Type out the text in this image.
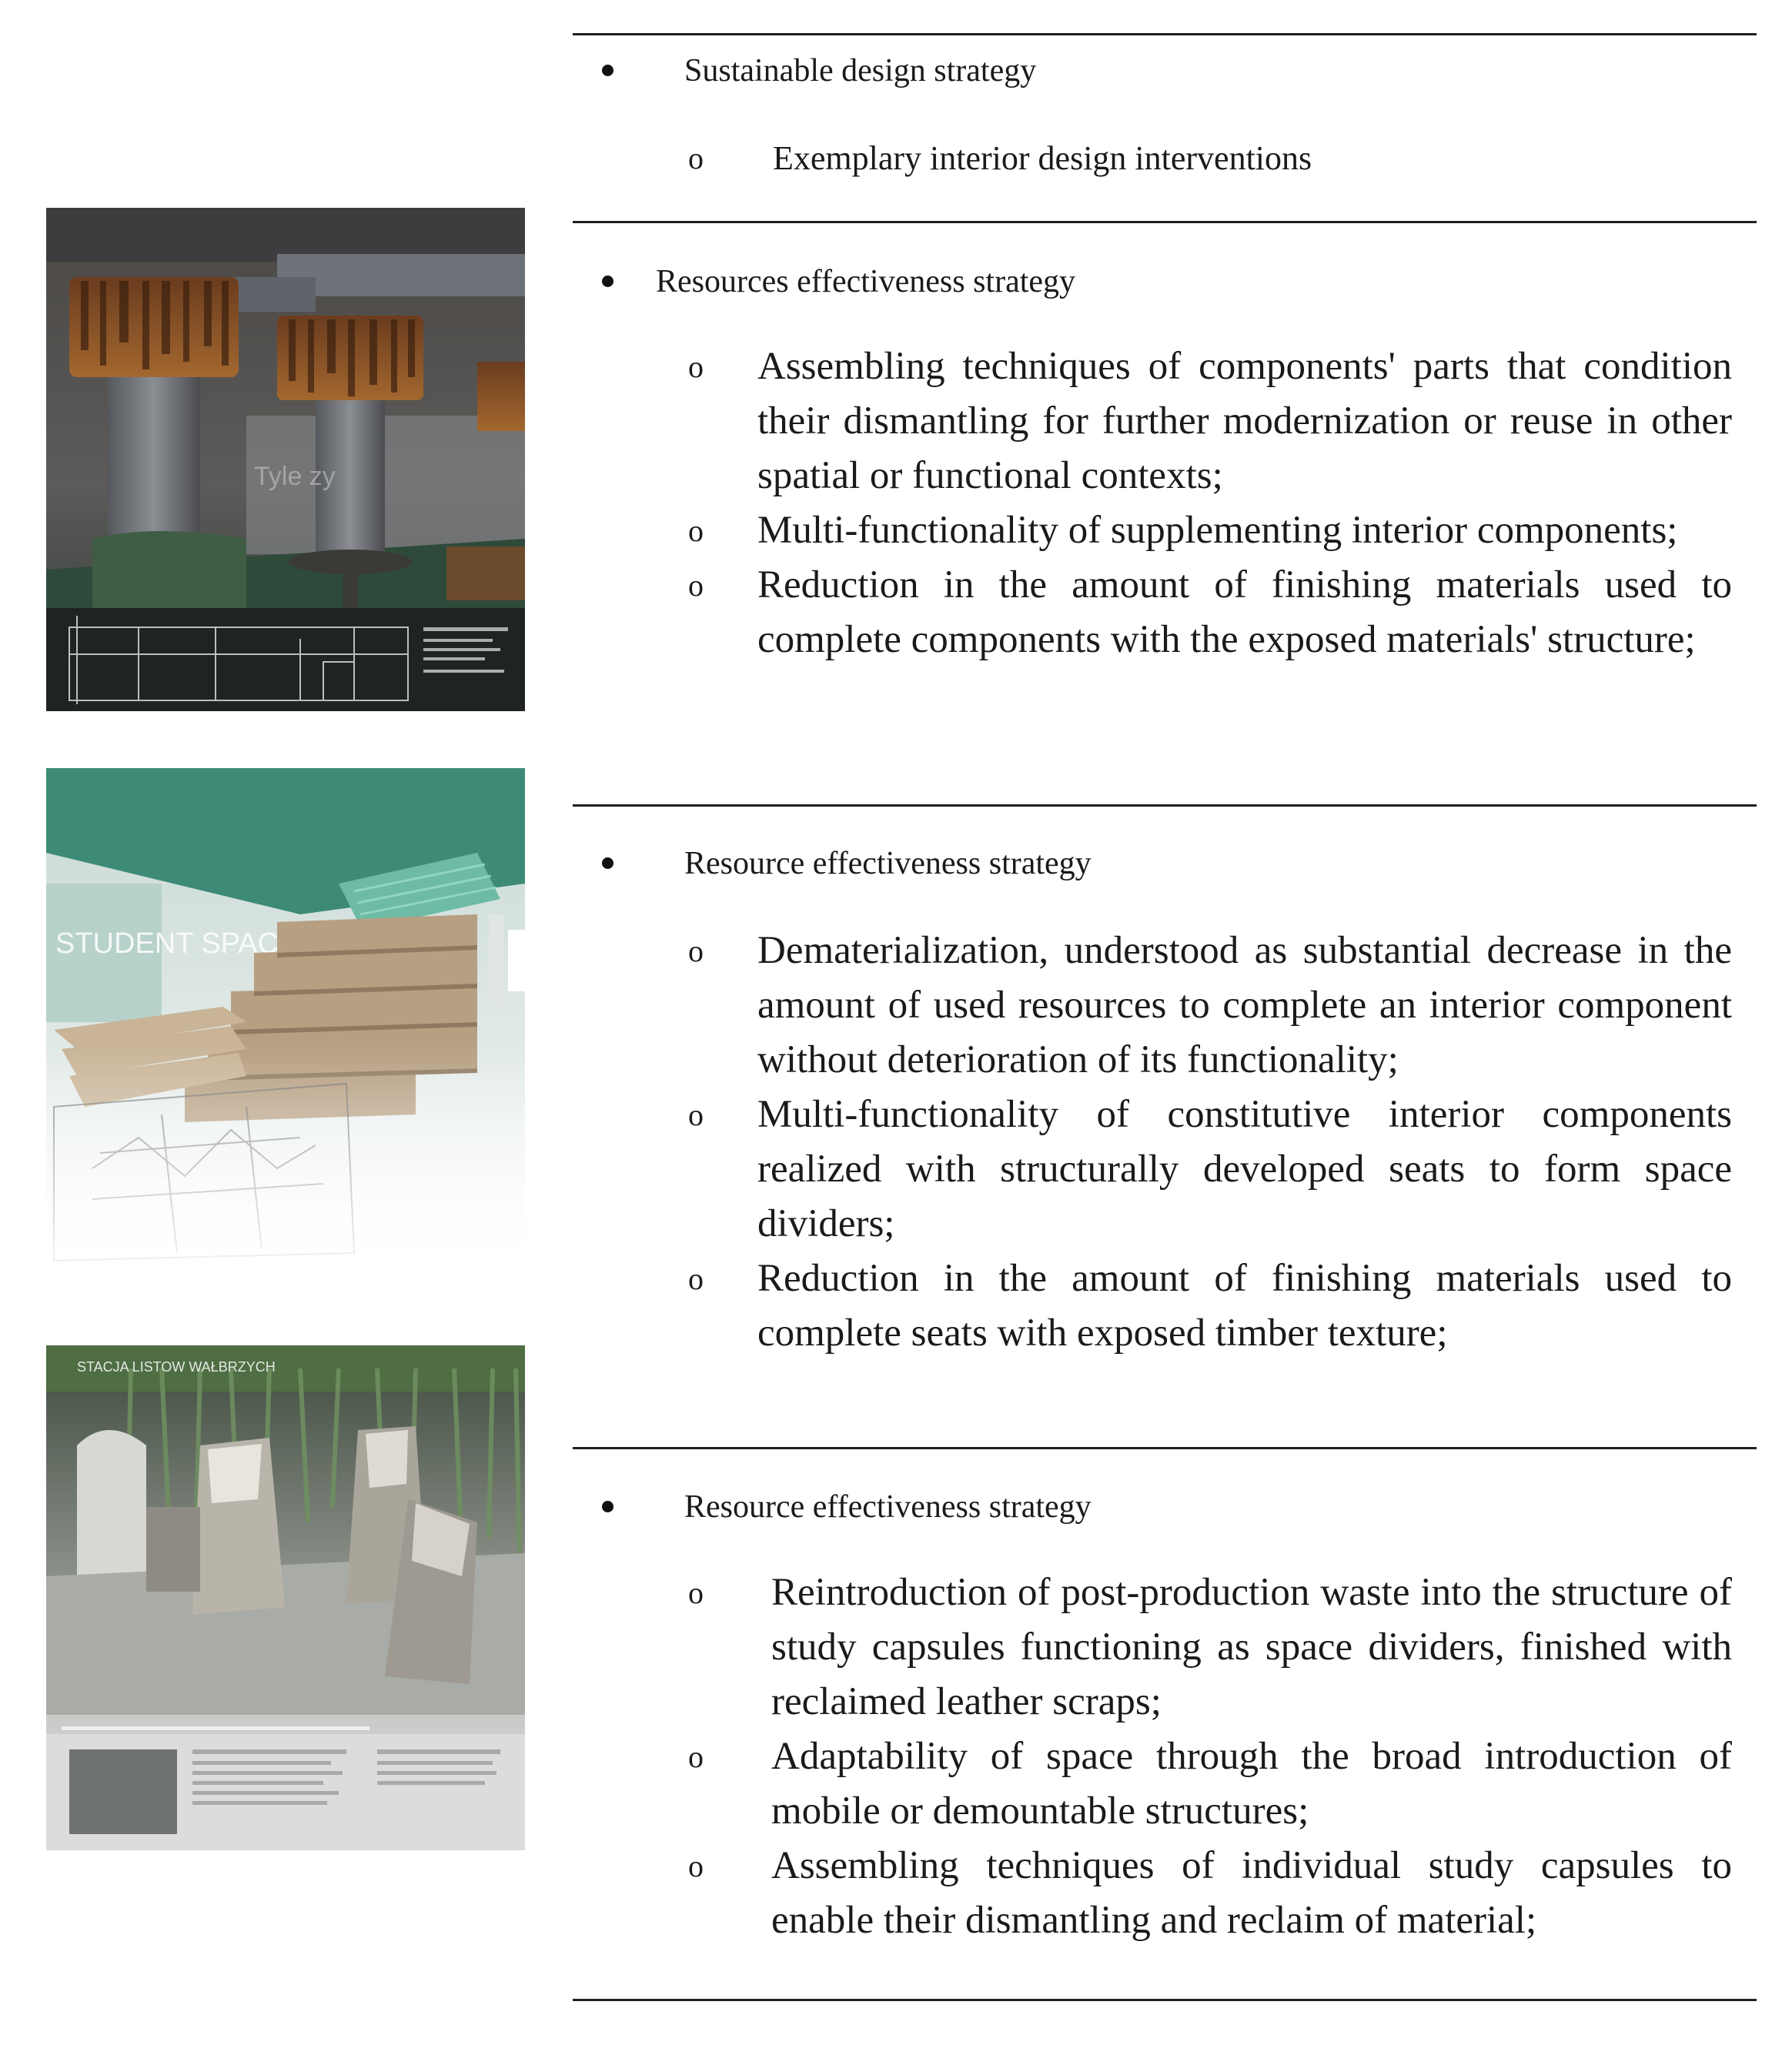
Tyle zy
STACJA LISTOW WAŁBRZYCH
Sustainable design strategy
o Exemplary interior design interventions
Resources effectiveness strategy
o Assembling techniques of components' parts that condition their dismantling for further modernization or reuse in other spatial or functional contexts;
o Multi-functionality of supplementing interior components;
o Reduction in the amount of finishing materials used to complete components with the exposed materials' structure;
Resource effectiveness strategy
o Dematerialization, understood as substantial decrease in the amount of used resources to complete an interior component without deterioration of its functionality;
o Multi-functionality of constitutive interior components realized with structurally developed seats to form space dividers;
o Reduction in the amount of finishing materials used to complete seats with exposed timber texture;
Resource effectiveness strategy
o Reintroduction of post-production waste into the structure of study capsules functioning as space dividers, finished with reclaimed leather scraps;
o Adaptability of space through the broad introduction of mobile or demountable structures;
o Assembling techniques of individual study capsules to enable their dismantling and reclaim of material;
